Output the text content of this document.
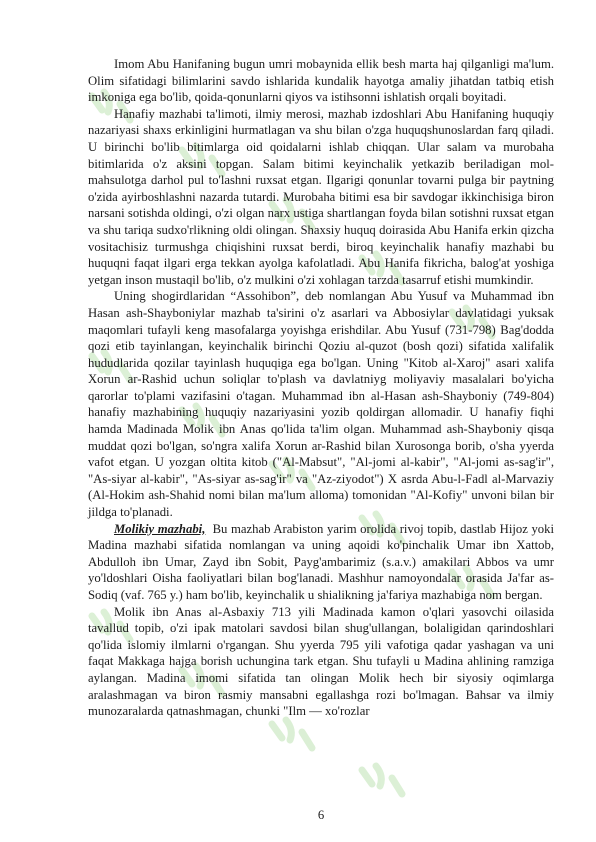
Imom Abu Hanifaning bugun umri mobaynida ellik besh marta haj qilganligi ma'lum. Olim sifatidagi bilimlarini savdo ishlarida kundalik hayotga amaliy jihatdan tatbiq etish imkoniga ega bo'lib, qoida-qonunlarni qiyos va istihsonni ishlatish orqali boyitadi.

Hanafiy mazhabi ta'limoti, ilmiy merosi, mazhab izdoshlari Abu Hanifaning huquqiy nazariyasi shaxs erkinligini hurmatlagan va shu bilan o'zga huquqshunoslardan farq qiladi. U birinchi bo'lib bitimlarga oid qoidalarni ishlab chiqqan. Ular salam va murobaha bitimlarida o'z aksini topgan. Salam bitimi keyinchalik yetkazib beriladigan mol-mahsulotga darhol pul to'lashni ruxsat etgan. Ilgarigi qonunlar tovarni pulga bir paytning o'zida ayirboshlashni nazarda tutardi. Murobaha bitimi esa bir savdogar ikkinchisiga biron narsani sotishda oldingi, o'zi olgan narx ustiga shartlangan foyda bilan sotishni ruxsat etgan va shu tariqa sudxo'rlikning oldi olingan. Shaxsiy huquq doirasida Abu Hanifa erkin qizcha vositachisiz turmushga chiqishini ruxsat berdi, biroq keyinchalik hanafiy mazhabi bu huquqni faqat ilgari erga tekkan ayolga kafolatladi. Abu Hanifa fikricha, balog'at yoshiga yetgan inson mustaqil bo'lib, o'z mulkini o'zi xohlagan tarzda tasarruf etishi mumkindir.

Uning shogirdlaridan “Assohibon”, deb nomlangan Abu Yusuf va Muhammad ibn Hasan ash-Shayboniylar mazhab ta'sirini o'z asarlari va Abbosiylar davlatidagi yuksak maqomlari tufayli keng masofalarga yoyishga erishdilar. Abu Yusuf (731-798) Bag'dodda qozi etib tayinlangan, keyinchalik birinchi Qoziu al-quzot (bosh qozi) sifatida xalifalik hududlarida qozilar tayinlash huquqiga ega bo'lgan. Uning "Kitob al-Xaroj" asari xalifa Xorun ar-Rashid uchun soliqlar to'plash va davlatniyg moliyaviy masalalari bo'yicha qarorlar to'plami vazifasini o'tagan. Muhammad ibn al-Hasan ash-Shayboniy (749-804) hanafiy mazhabining huquqiy nazariyasini yozib qoldirgan allomadir. U hanafiy fiqhi hamda Madinada Molik ibn Anas qo'lida ta'lim olgan. Muhammad ash-Shayboniy qisqa muddat qozi bo'lgan, so'ngra xalifa Xorun ar-Rashid bilan Xurosonga borib, o'sha yyerda vafot etgan. U yozgan oltita kitob ("Al-Mabsut", "Al-jomi al-kabir", "Al-jomi as-sag'ir", "As-siyar al-kabir", "As-siyar as-sag'ir" va "Az-ziyodot") X asrda Abu-l-Fadl al-Marvaziy (Al-Hokim ash-Shahid nomi bilan ma'lum alloma) tomonidan "Al-Kofiy" unvoni bilan bir jildga to'planadi.

Molikiy mazhabi,  Bu mazhab Arabiston yarim orolida rivoj topib, dastlab Hijoz yoki Madina mazhabi sifatida nomlangan va uning aqoidi ko'pinchalik Umar ibn Xattob, Abdulloh ibn Umar, Zayd ibn Sobit, Payg'ambarimiz (s.a.v.) amakilari Abbos va umr yo'ldoshlari Oisha faoliyatlari bilan bog'lanadi. Mashhur namoyondalar orasida Ja'far as-Sodiq (vaf. 765 y.) ham bo'lib, keyinchalik u shialikning ja'fariya mazhabiga nom bergan.

Molik ibn Anas al-Asbaxiy 713 yili Madinada kamon o'qlari yasovchi oilasida tavallud topib, o'zi ipak matolari savdosi bilan shug'ullangan, bolaligidan qarindoshlari qo'lida islomiy ilmlarni o'rgangan. Shu yyerda 795 yili vafotiga qadar yashagan va uni faqat Makkaga hajga borish uchungina tark etgan. Shu tufayli u Madina ahlining ramziga aylangan. Madina imomi sifatida tan olingan Molik hech bir siyosiy oqimlarga aralashmagan va biron rasmiy mansabni egallashga rozi bo'lmagan. Bahsar va ilmiy munozaralarda qatnashmagan, chunki "Ilm — xo'rozlar

6
